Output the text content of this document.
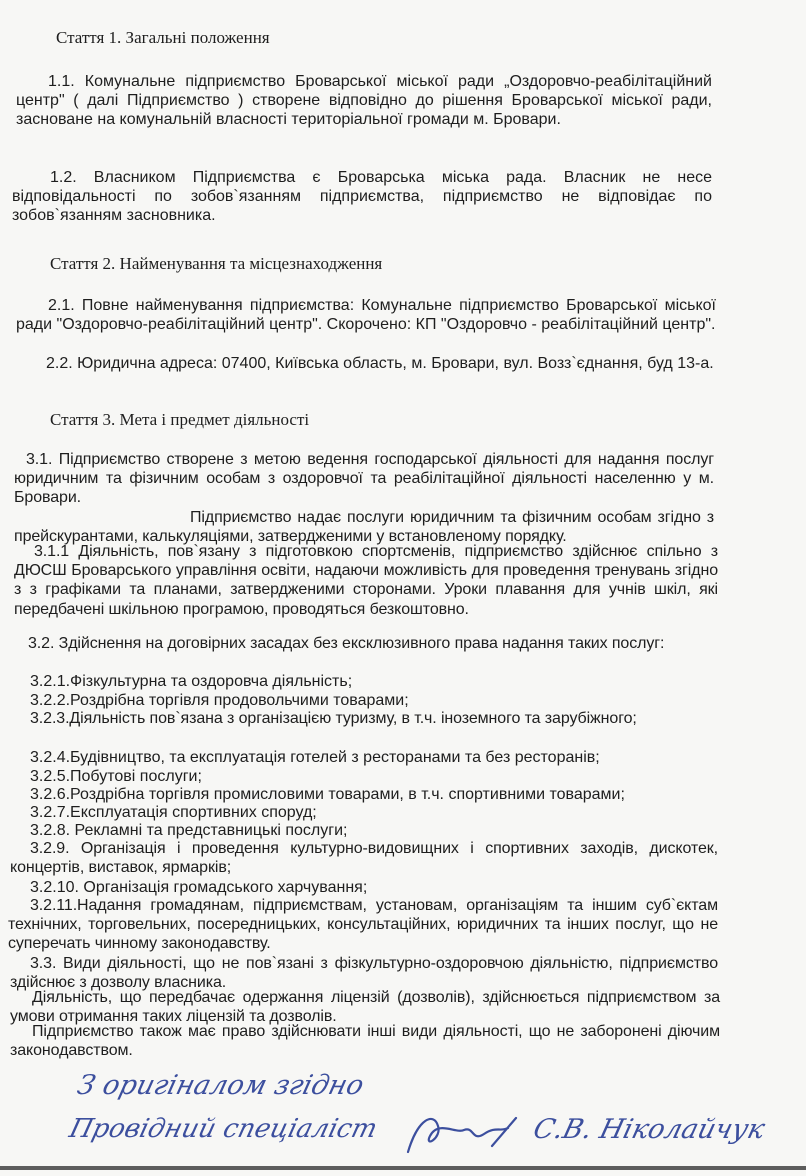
Стаття 1. Загальні положення
1.1. Комунальне підприємство Броварської міської ради „Оздоровчо-реабілітаційний центр" ( далі Підприємство ) створене відповідно до рішення Броварської міської ради, засноване на комунальній власності територіальної громади м. Бровари.
1.2. Власником Підприємства є Броварська міська рада. Власник не несе відповідальності по зобов`язанням підприємства, підприємство не відповідає по зобов`язанням засновника.
Стаття 2. Найменування та місцезнаходження
2.1. Повне найменування підприємства: Комунальне підприємство Броварської міської ради "Оздоровчо-реабілітаційний центр". Скорочено: КП "Оздоровчо - реабілітаційний центр".
2.2. Юридична адреса: 07400, Київська область, м. Бровари, вул. Возз`єднання, буд 13-а.
Стаття 3. Мета і предмет діяльності
3.1. Підприємство створене з метою ведення господарської діяльності для надання послуг юридичним та фізичним особам з оздоровчої та реабілітаційної діяльності населенню у м. Бровари.
Підприємство надає послуги юридичним та фізичним особам згідно з прейскурантами, калькуляціями, затвердженими у встановленому порядку.
3.1.1 Діяльність, пов`язану з підготовкою спортсменів, підприємство здійснює спільно з ДЮСШ Броварського управління освіти, надаючи можливість для проведення тренувань згідно з з графіками та планами, затвердженими сторонами. Уроки плавання для учнів шкіл, які передбачені шкільною програмою, проводяться безкоштовно.
3.2. Здійснення на договірних засадах без ексклюзивного права надання таких послуг:
3.2.1.Фізкультурна та оздоровча діяльність;
3.2.2.Роздрібна торгівля продовольчими товарами;
3.2.3.Діяльність пов`язана з організацією туризму, в т.ч. іноземного та зарубіжного;
3.2.4.Будівництво, та експлуатація готелей з ресторанами та без ресторанів;
3.2.5.Побутові послуги;
3.2.6.Роздрібна торгівля промисловими товарами, в т.ч. спортивними товарами;
3.2.7.Експлуатація спортивних споруд;
3.2.8. Рекламні та представницькі послуги;
3.2.9. Організація і проведення культурно-видовищних і спортивних заходів, дискотек, концертів, виставок, ярмарків;
3.2.10. Організація громадського харчування;
3.2.11.Надання громадянам, підприємствам, установам, організаціям та іншим суб`єктам технічних, торговельних, посередницьких, консультаційних, юридичних та інших послуг, що не суперечать чинному законодавству.
3.3. Види діяльності, що не пов`язані з фізкультурно-оздоровчою діяльністю, підприємство здійснює з дозволу власника.
Діяльність, що передбачає одержання ліцензій (дозволів), здійснюється підприємством за умови отримання таких ліцензій та дозволів.
Підприємство також має право здійснювати інші види діяльності, що не заборонені діючим законодавством.
З оригіналом згідно
Провідний спеціаліст	С.В. Ніколайчук
